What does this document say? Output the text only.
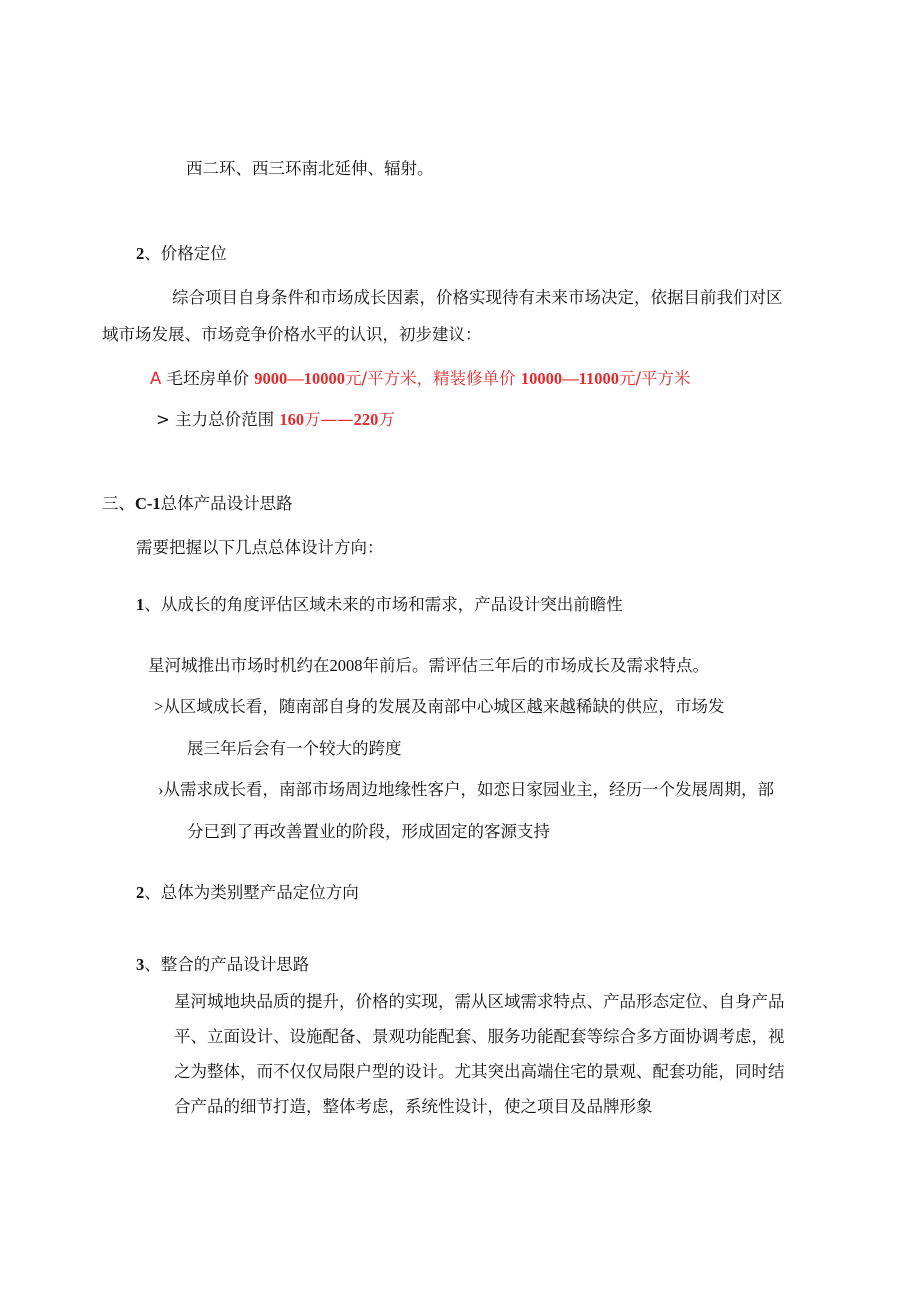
西二环、西三环南北延伸、辐射。
2、价格定位
综合项目自身条件和市场成长因素，价格实现待有未来市场决定，依据目前我们对区
域市场发展、市场竞争价格水平的认识，初步建议：
A 毛坯房单价 9000—10000元/平方米，精装修单价 10000—11000元/平方米
> 主力总价范围 160万——220万
三、C-1总体产品设计思路
需要把握以下几点总体设计方向：
1、从成长的角度评估区域未来的市场和需求，产品设计突出前瞻性
星河城推出市场时机约在2008年前后。需评估三年后的市场成长及需求特点。
>从区域成长看，随南部自身的发展及南部中心城区越来越稀缺的供应，市场发
展三年后会有一个较大的跨度
›从需求成长看，南部市场周边地缘性客户，如恋日家园业主，经历一个发展周期，部
分已到了再改善置业的阶段，形成固定的客源支持
2、总体为类别墅产品定位方向
3、整合的产品设计思路
星河城地块品质的提升，价格的实现，需从区域需求特点、产品形态定位、自身产品
平、立面设计、设施配备、景观功能配套、服务功能配套等综合多方面协调考虑，视
之为整体，而不仅仅局限户型的设计。尤其突出高端住宅的景观、配套功能，同时结
合产品的细节打造，整体考虑，系统性设计，使之项目及品牌形象
